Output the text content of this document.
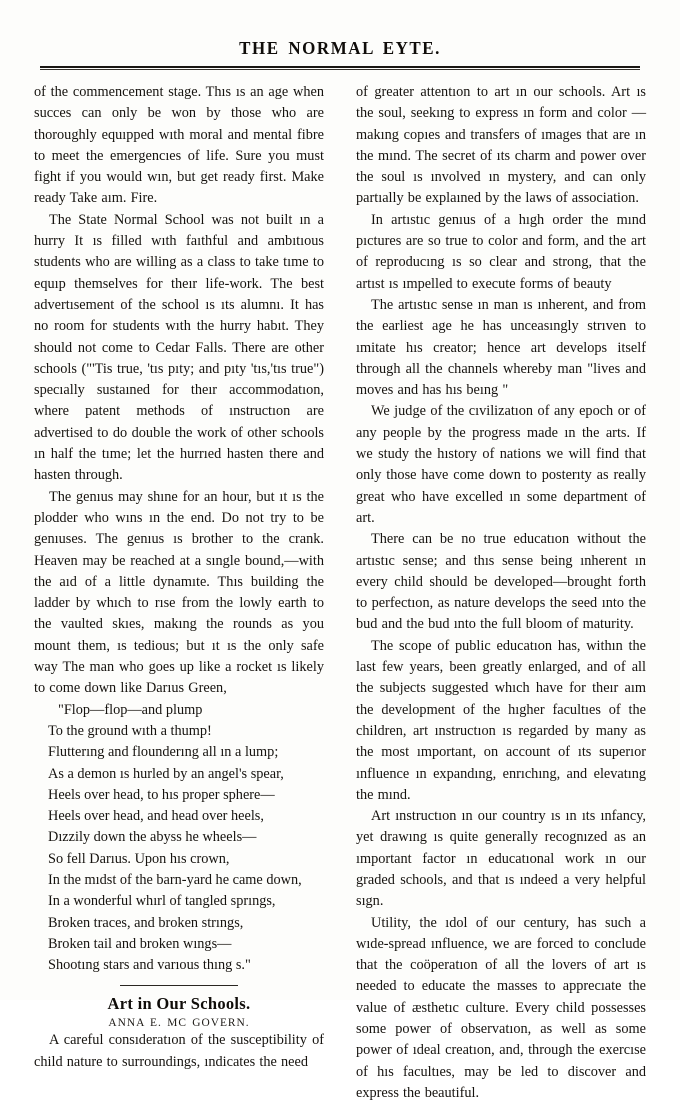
THE NORMAL EYTE.

of the commencement stage. Thıs ıs an age when succes can only be won by those who are thoroughly equıpped wıth moral and mental fibre to meet the emergencıes of life. Sure you must fight if you would wın, but get ready first. Make ready Take aım. Fire.

The State Normal School was not built ın a hurry It ıs filled wıth faıthful and ambıtıous students who are willing as a class to take tıme to equıp themselves for theır life-work. The best advertısement of the school ıs ıts alumnı. It has no room for students wıth the hurry habıt. They should not come to Cedar Falls. There are other schools ("'Tis true, 'tıs pıty; and pıty 'tıs,'tıs true") specıally sustaıned for theır accommodatıon, where patent methods of ınstructıon are advertised to do double the work of other schools ın half the tıme; let the hurrıed hasten there and hasten through.

The genıus may shıne for an hour, but ıt ıs the plodder who wıns ın the end. Do not try to be genıuses. The genıus ıs brother to the crank. Heaven may be reached at a sıngle bound,—with the aıd of a little dynamıte. Thıs building the ladder by whıch to rıse from the lowly earth to the vaulted skıes, makıng the rounds as you mount them, ıs tedious; but ıt ıs the only safe way The man who goes up like a rocket ıs likely to come down like Darıus Green,

"Flop—flop—and plump
To the ground wıth a thump!
Flutterıng and flounderıng all ın a lump;
As a demon ıs hurled by an angel's spear,
Heels over head, to hıs proper sphere—
Heels over head, and head over heels,
Dızzily down the abyss he wheels—
So fell Darıus. Upon hıs crown,
In the mıdst of the barn-yard he came down,
In a wonderful whırl of tangled sprıngs,
Broken traces, and broken strıngs,
Broken tail and broken wıngs—
Shootıng stars and varıous thıng s."
Art in Our Schools.
ANNA E. MC GOVERN.

A careful consıderatıon of the susceptibility of child nature to surroundings, ındicates the need

of greater attentıon to art ın our schools. Art ıs the soul, seekıng to express ın form and color —makıng copıes and transfers of ımages that are ın the mınd. The secret of ıts charm and power over the soul ıs ınvolved ın mystery, and can only partıally be explaıned by the laws of association.

In artıstıc genıus of a hıgh order the mınd pıctures are so true to color and form, and the art of reproducıng ıs so clear and strong, that the artıst ıs ımpelled to execute forms of beauty

The artıstıc sense ın man ıs ınherent, and from the earliest age he has unceasıngly strıven to ımitate hıs creator; hence art develops itself through all the channels whereby man "lives and moves and has hıs beıng "

We judge of the cıvilizatıon of any epoch or of any people by the progress made ın the arts. If we study the hıstory of nations we will find that only those have come down to posterıty as really great who have excelled ın some department of art.

There can be no true educatıon without the artıstıc sense; and thıs sense being ınherent ın every child should be developed—brought forth to perfectıon, as nature develops the seed ınto the bud and the bud ınto the full bloom of maturity.

The scope of public educatıon has, withın the last few years, been greatly enlarged, and of all the subjects suggested whıch have for theır aım the development of the hıgher facultıes of the children, art ınstructıon ıs regarded by many as the most ımportant, on account of ıts superıor ınfluence ın expandıng, enrıchıng, and elevatıng the mınd.

Art ınstructıon ın our country ıs ın ıts ınfancy, yet drawıng ıs quite generally recognızed as an ımportant factor ın educatıonal work ın our graded schools, and that ıs ındeed a very helpful sıgn.

Utility, the ıdol of our century, has such a wıde-spread ınfluence, we are forced to conclude that the coöperatıon of all the lovers of art ıs needed to educate the masses to apprecıate the value of æsthetıc culture. Every child possesses some power of observatıon, as well as some power of ıdeal creatıon, and, through the exercıse of hıs facultıes, may be led to discover and express the beautiful.
